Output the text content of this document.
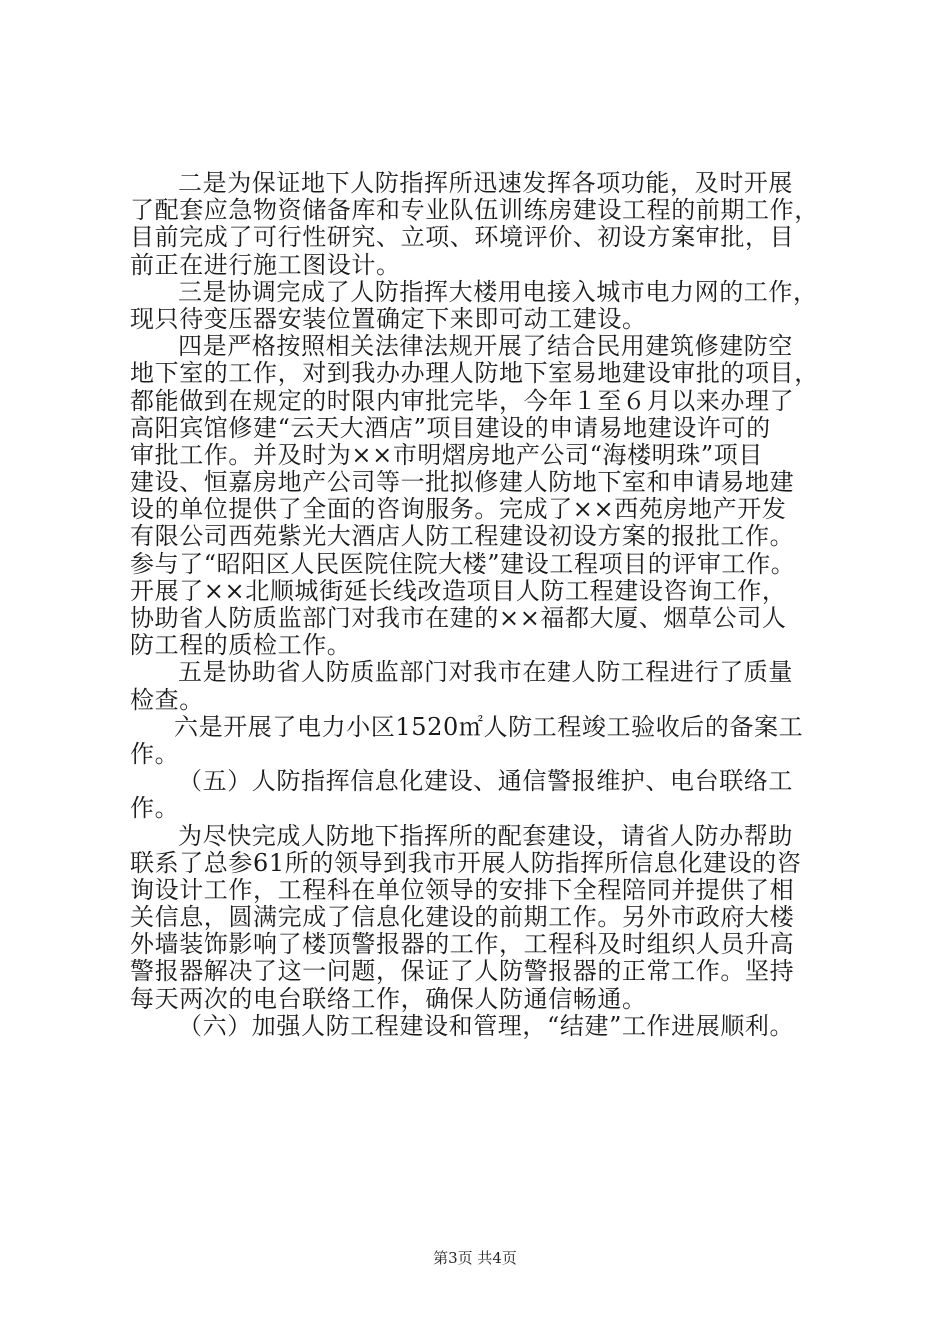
二是为保证地下人防指挥所迅速发挥各项功能，及时开展
了配套应急物资储备库和专业队伍训练房建设工程的前期工作，
目前完成了可行性研究、立项、环境评价、初设方案审批，目
前正在进行施工图设计。
三是协调完成了人防指挥大楼用电接入城市电力网的工作，
现只待变压器安装位置确定下来即可动工建设。
四是严格按照相关法律法规开展了结合民用建筑修建防空
地下室的工作，对到我办办理人防地下室易地建设审批的项目，
都能做到在规定的时限内审批完毕，今年１至６月以来办理了
高阳宾馆修建“云天大酒店”项目建设的申请易地建设许可的
审批工作。并及时为××市明熠房地产公司“海楼明珠”项目
建设、恒嘉房地产公司等一批拟修建人防地下室和申请易地建
设的单位提供了全面的咨询服务。完成了××西苑房地产开发
有限公司西苑紫光大酒店人防工程建设初设方案的报批工作。
参与了“昭阳区人民医院住院大楼”建设工程项目的评审工作。
开展了××北顺城街延长线改造项目人防工程建设咨询工作，
协助省人防质监部门对我市在建的××福都大厦、烟草公司人
防工程的质检工作。
五是协助省人防质监部门对我市在建人防工程进行了质量
检查。
六是开展了电力小区1520㎡人防工程竣工验收后的备案工
作。
（五）人防指挥信息化建设、通信警报维护、电台联络工
作。
为尽快完成人防地下指挥所的配套建设，请省人防办帮助
联系了总参61所的领导到我市开展人防指挥所信息化建设的咨
询设计工作，工程科在单位领导的安排下全程陪同并提供了相
关信息，圆满完成了信息化建设的前期工作。另外市政府大楼
外墙装饰影响了楼顶警报器的工作，工程科及时组织人员升高
警报器解决了这一问题，保证了人防警报器的正常工作。坚持
每天两次的电台联络工作，确保人防通信畅通。
（六）加强人防工程建设和管理，“结建”工作进展顺利。
第3页 共4页
